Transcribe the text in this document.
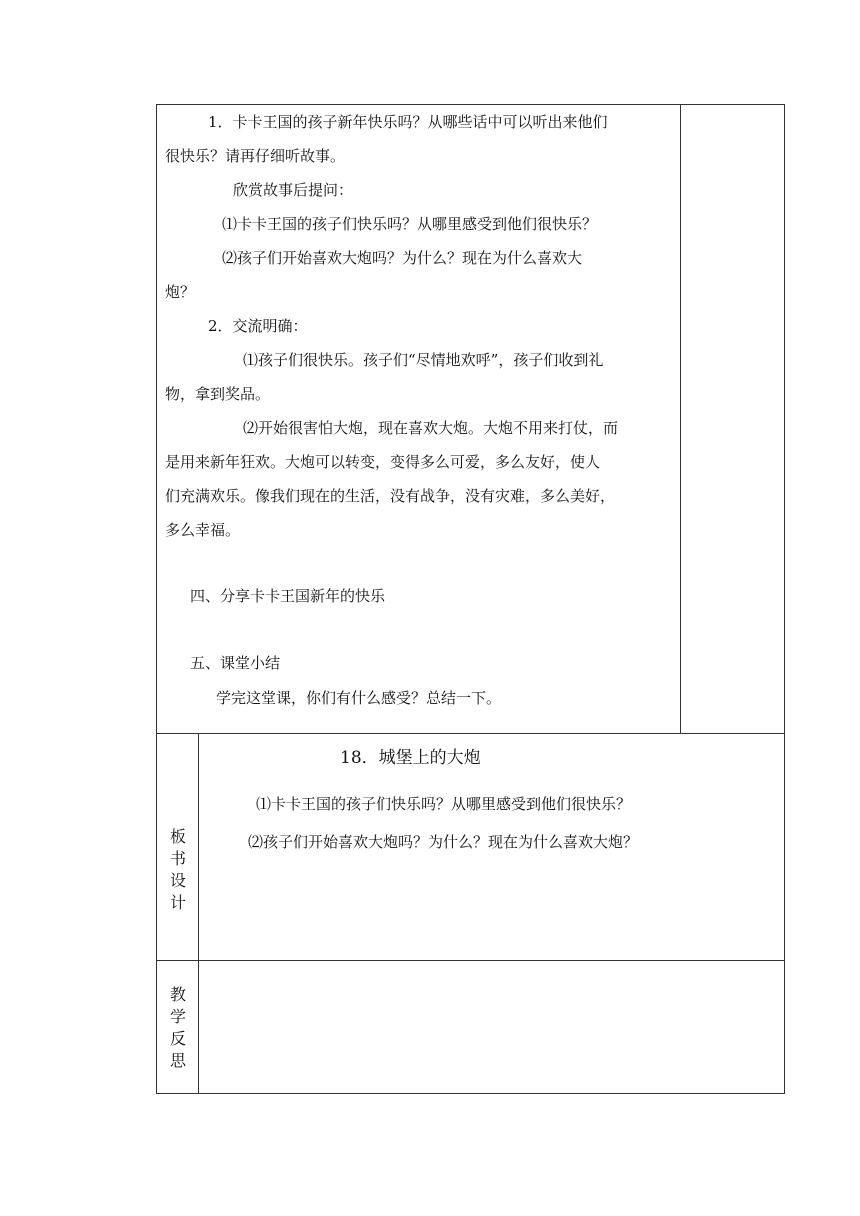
1．卡卡王国的孩子新年快乐吗？从哪些话中可以听出来他们
很快乐？请再仔细听故事。
欣赏故事后提问：
⑴卡卡王国的孩子们快乐吗？从哪里感受到他们很快乐？
⑵孩子们开始喜欢大炮吗？为什么？现在为什么喜欢大
炮？
2．交流明确：
⑴孩子们很快乐。孩子们“尽情地欢呼”，孩子们收到礼
物，拿到奖品。
⑵开始很害怕大炮，现在喜欢大炮。大炮不用来打仗，而
是用来新年狂欢。大炮可以转变，变得多么可爱，多么友好，使人
们充满欢乐。像我们现在的生活，没有战争，没有灾难，多么美好，
多么幸福。
四、分享卡卡王国新年的快乐
五、课堂小结
学完这堂课，你们有什么感受？总结一下。
板
书
设
计
18．城堡上的大炮
⑴卡卡王国的孩子们快乐吗？从哪里感受到他们很快乐？
⑵孩子们开始喜欢大炮吗？为什么？现在为什么喜欢大炮？
教
学
反
思
